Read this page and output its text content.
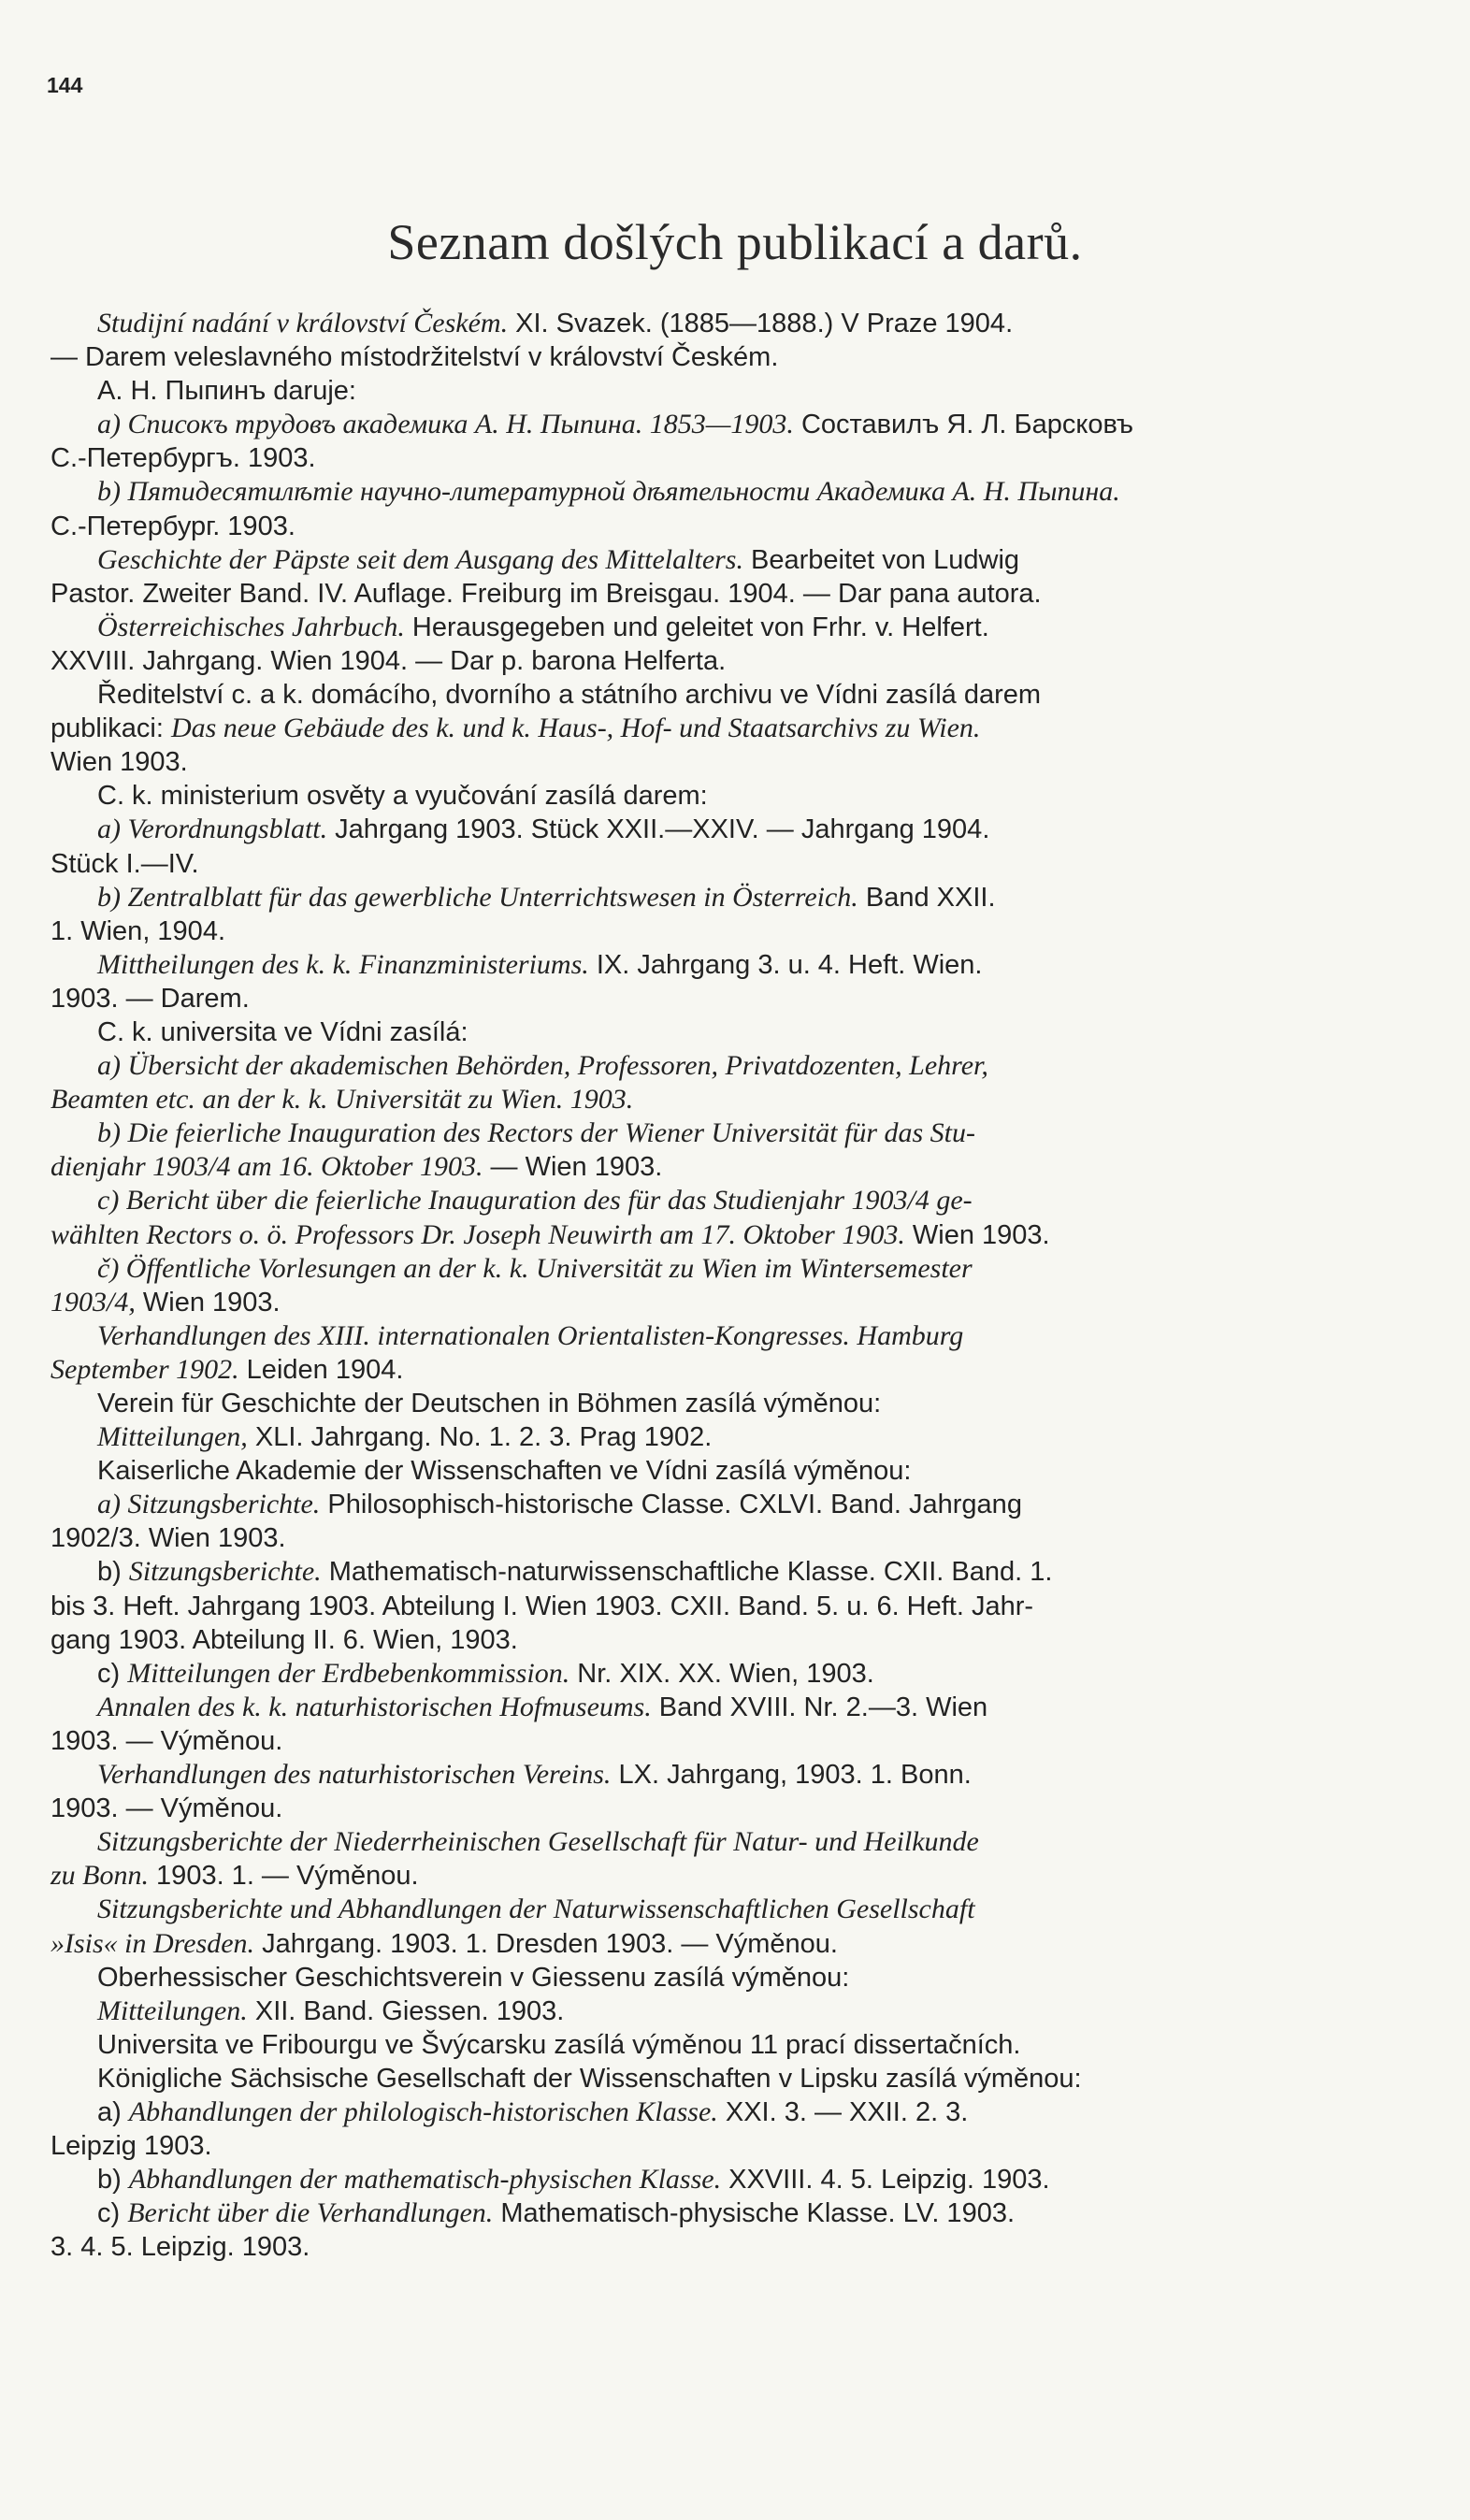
144
Seznam došlých publikací a darů.
Studijní nadání v království Českém. XI. Svazek. (1885—1888.) V Praze 1904.
— Darem veleslavného místodržitelství v království Českém.
A. H. Пыпинъ daruje:
a) Списокъ трудовъ академика А. Н. Пыпина. 1853—1903. Составилъ Я. Л. Барсковъ
С.-Петербургъ. 1903.
b) Пятидесятилѣтіе научно-литературной дѣятельности Академика А. Н. Пыпина.
С.-Петербург. 1903.
Geschichte der Päpste seit dem Ausgang des Mittelalters. Bearbeitet von Ludwig
Pastor. Zweiter Band. IV. Auflage. Freiburg im Breisgau. 1904. — Dar pana autora.
Österreichisches Jahrbuch. Herausgegeben und geleitet von Frhr. v. Helfert.
XXVIII. Jahrgang. Wien 1904. — Dar p. barona Helferta.
Ředitelství c. a k. domácího, dvorního a státního archivu ve Vídni zasílá darem
publikaci: Das neue Gebäude des k. und k. Haus-, Hof- und Staatsarchivs zu Wien.
Wien 1903.
C. k. ministerium osvěty a vyučování zasílá darem:
a) Verordnungsblatt. Jahrgang 1903. Stück XXII.—XXIV. — Jahrgang 1904.
Stück I.—IV.
b) Zentralblatt für das gewerbliche Unterrichtswesen in Österreich. Band XXII.
1. Wien, 1904.
Mittheilungen des k. k. Finanzministeriums. IX. Jahrgang 3. u. 4. Heft. Wien.
1903. — Darem.
C. k. universita ve Vídni zasílá:
a) Übersicht der akademischen Behörden, Professoren, Privatdozenten, Lehrer,
Beamten etc. an der k. k. Universität zu Wien. 1903.
b) Die feierliche Inauguration des Rectors der Wiener Universität für das Stu-
dienjahr 1903/4 am 16. Oktober 1903. — Wien 1903.
c) Bericht über die feierliche Inauguration des für das Studienjahr 1903/4 ge-
wählten Rectors o. ö. Professors Dr. Joseph Neuwirth am 17. Oktober 1903. Wien 1903.
č) Öffentliche Vorlesungen an der k. k. Universität zu Wien im Wintersemester
1903/4, Wien 1903.
Verhandlungen des XIII. internationalen Orientalisten-Kongresses. Hamburg
September 1902. Leiden 1904.
Verein für Geschichte der Deutschen in Böhmen zasílá výměnou:
Mitteilungen, XLI. Jahrgang. No. 1. 2. 3. Prag 1902.
Kaiserliche Akademie der Wissenschaften ve Vídni zasílá výměnou:
a) Sitzungsberichte. Philosophisch-historische Classe. CXLVI. Band. Jahrgang
1902/3. Wien 1903.
b) Sitzungsberichte. Mathematisch-naturwissenschaftliche Klasse. CXII. Band. 1.
bis 3. Heft. Jahrgang 1903. Abteilung I. Wien 1903. CXII. Band. 5. u. 6. Heft. Jahr-
gang 1903. Abteilung II. 6. Wien, 1903.
c) Mitteilungen der Erdbebenkommission. Nr. XIX. XX. Wien, 1903.
Annalen des k. k. naturhistorischen Hofmuseums. Band XVIII. Nr. 2.—3. Wien
1903. — Výměnou.
Verhandlungen des naturhistorischen Vereins. LX. Jahrgang, 1903. 1. Bonn.
1903. — Výměnou.
Sitzungsberichte der Niederrheinischen Gesellschaft für Natur- und Heilkunde
zu Bonn. 1903. 1. — Výměnou.
Sitzungsberichte und Abhandlungen der Naturwissenschaftlichen Gesellschaft
»Isis« in Dresden. Jahrgang. 1903. 1. Dresden 1903. — Výměnou.
Oberhessischer Geschichtsverein v Giessenu zasílá výměnou:
Mitteilungen. XII. Band. Giessen. 1903.
Universita ve Fribourgu ve Švýcarsku zasílá výměnou 11 prací dissertačních.
Königliche Sächsische Gesellschaft der Wissenschaften v Lipsku zasílá výměnou:
a) Abhandlungen der philologisch-historischen Klasse. XXI. 3. — XXII. 2. 3.
Leipzig 1903.
b) Abhandlungen der mathematisch-physischen Klasse. XXVIII. 4. 5. Leipzig. 1903.
c) Bericht über die Verhandlungen. Mathematisch-physische Klasse. LV. 1903.
3. 4. 5. Leipzig. 1903.
